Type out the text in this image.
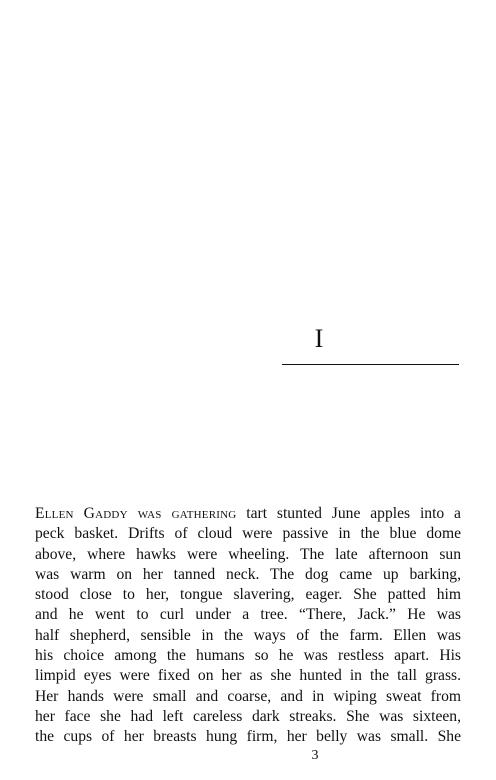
I
Ellen Gaddy was gathering tart stunted June apples into a
peck basket. Drifts of cloud were passive in the blue dome
above, where hawks were wheeling. The late afternoon sun
was warm on her tanned neck. The dog came up barking,
stood close to her, tongue slavering, eager. She patted him
and he went to curl under a tree. “There, Jack.” He was
half shepherd, sensible in the ways of the farm. Ellen was
his choice among the humans so he was restless apart. His
limpid eyes were fixed on her as she hunted in the tall grass.
Her hands were small and coarse, and in wiping sweat from
her face she had left careless dark streaks. She was sixteen,
the cups of her breasts hung firm, her belly was small. She
3
